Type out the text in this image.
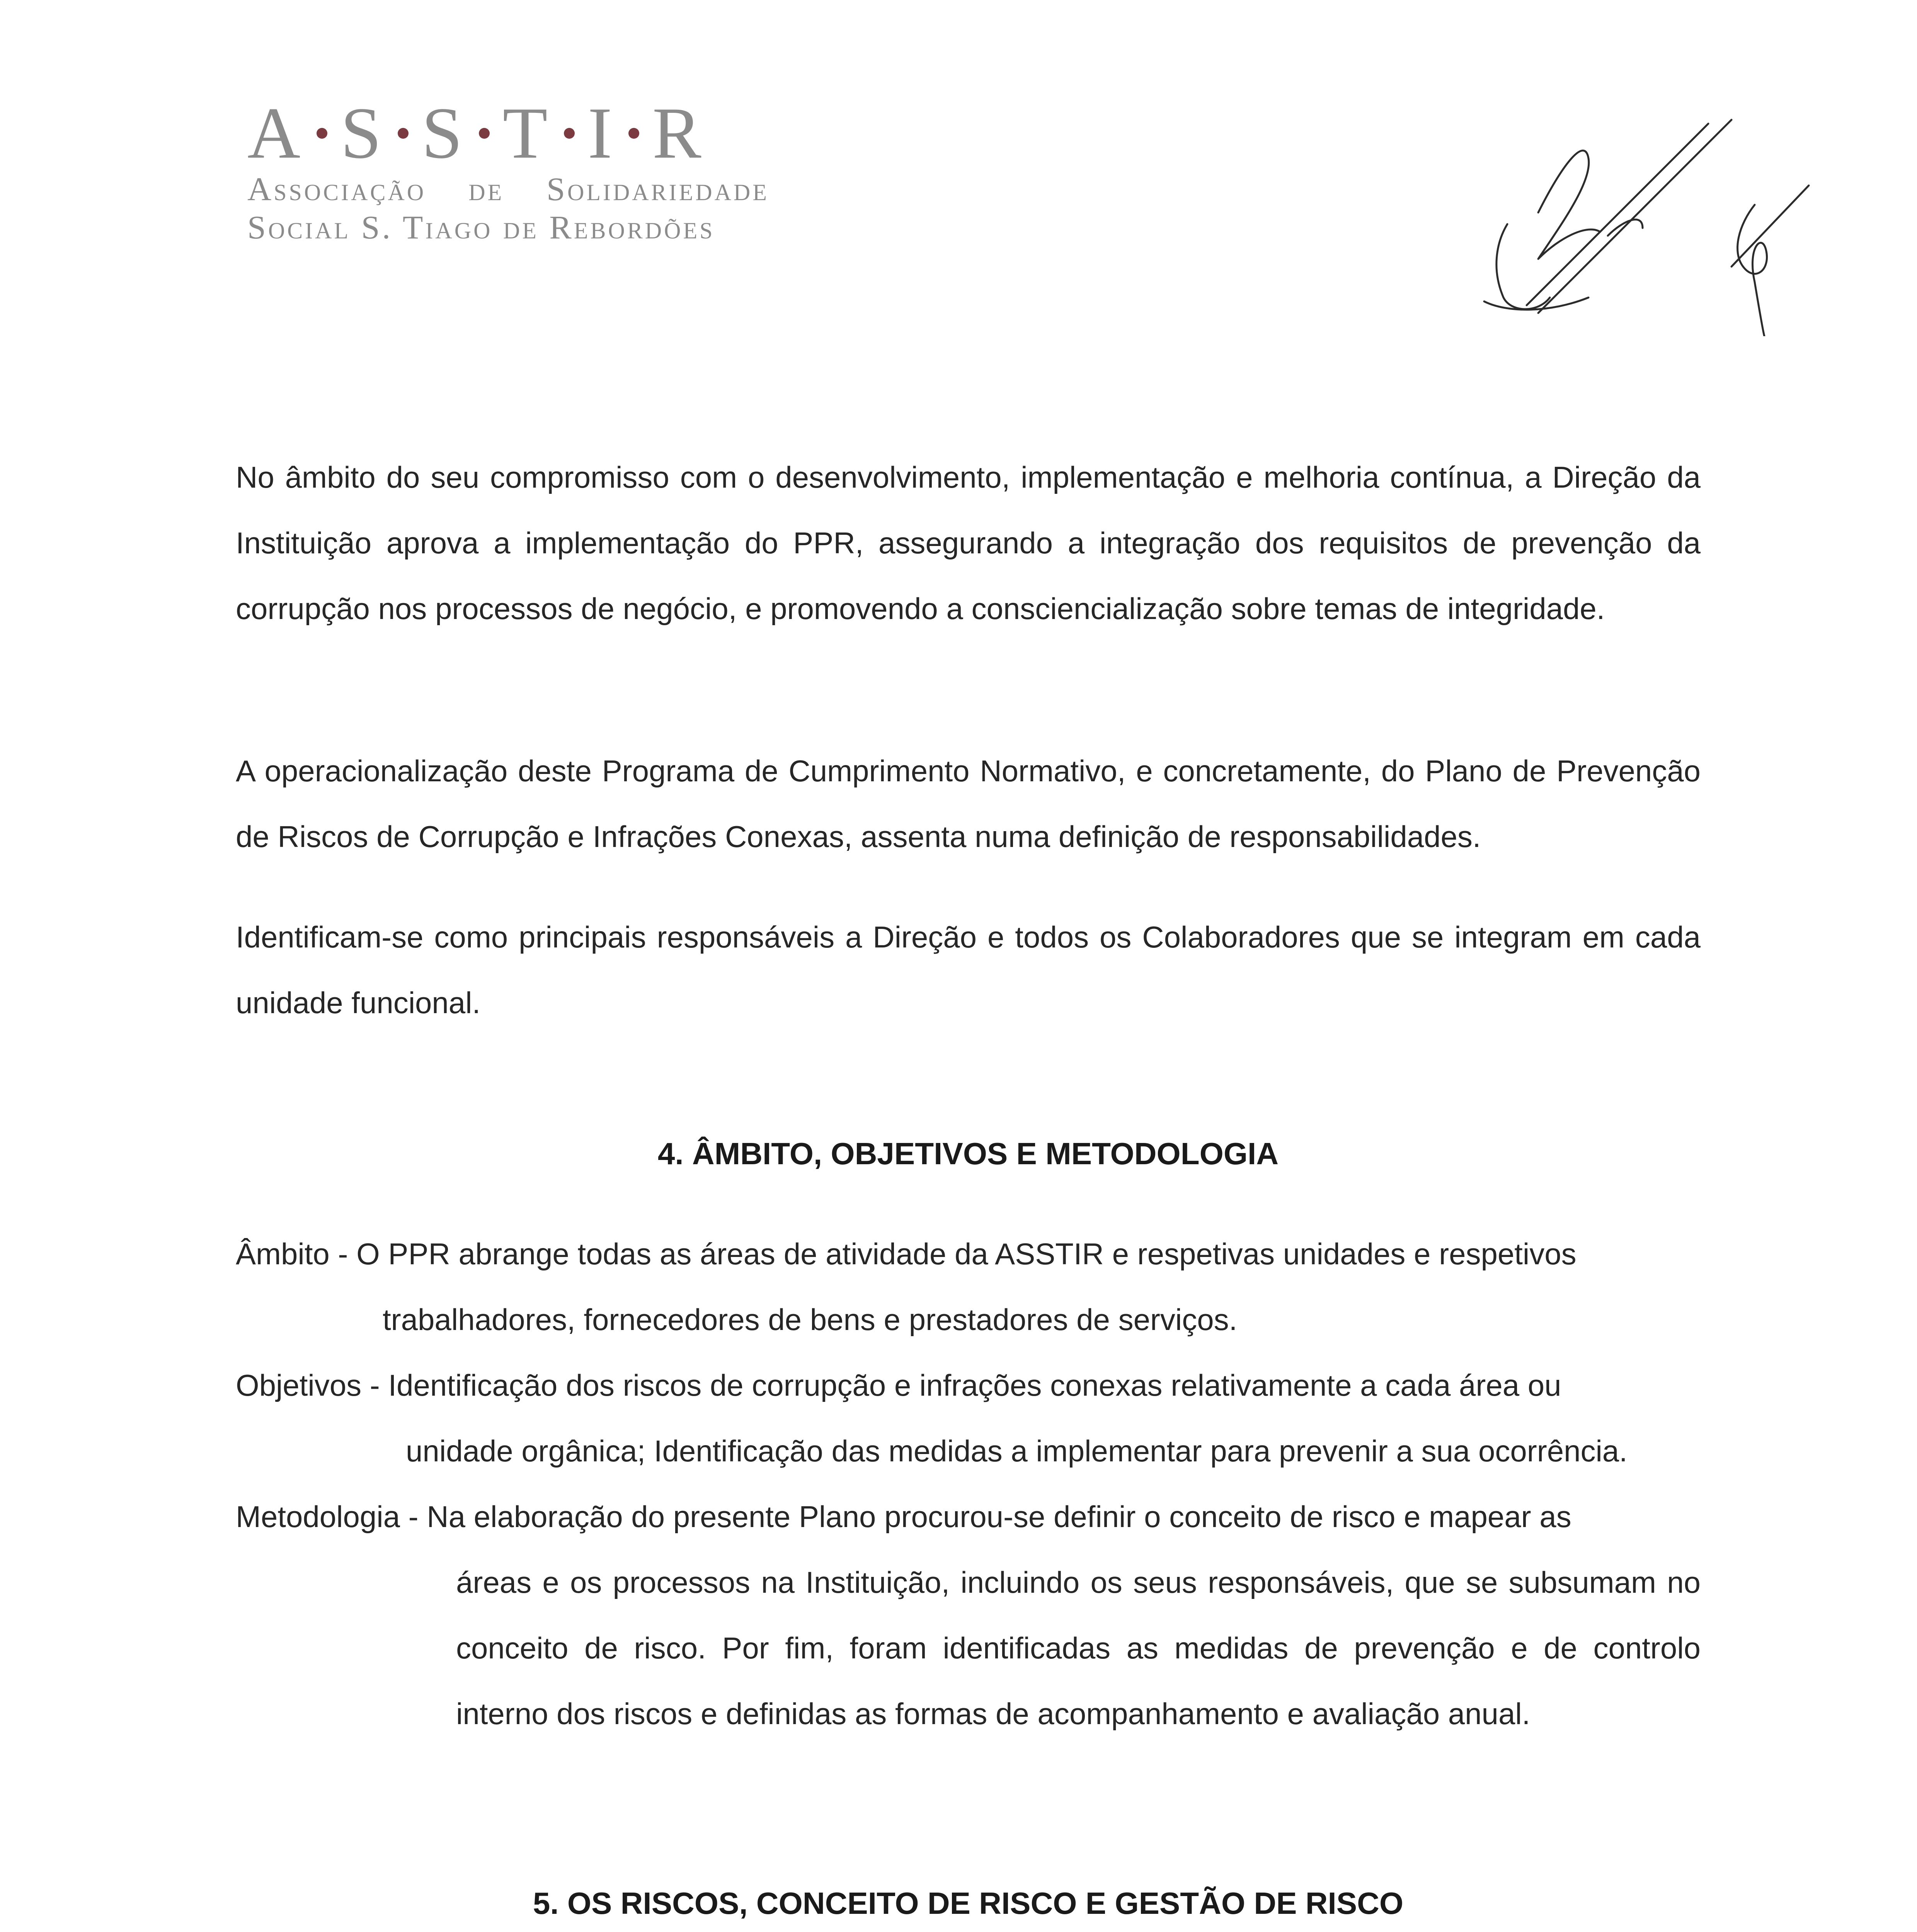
A S S T I R
Associação de Solidariedade
Social S. Tiago de Rebordões
No âmbito do seu compromisso com o desenvolvimento, implementação e melhoria contínua, a Direção da Instituição aprova a implementação do PPR, assegurando a integração dos requisitos de prevenção da corrupção nos processos de negócio, e promovendo a consciencialização sobre temas de integridade.
A operacionalização deste Programa de Cumprimento Normativo, e concretamente, do Plano de Prevenção de Riscos de Corrupção e Infrações Conexas, assenta numa definição de responsabilidades.
Identificam-se como principais responsáveis a Direção e todos os Colaboradores que se integram em cada unidade funcional.
4. ÂMBITO, OBJETIVOS E METODOLOGIA
Âmbito - O PPR abrange todas as áreas de atividade da ASSTIR e respetivas unidades e respetivos
trabalhadores, fornecedores de bens e prestadores de serviços.
Objetivos - Identificação dos riscos de corrupção e infrações conexas relativamente a cada área ou
unidade orgânica; Identificação das medidas a implementar para prevenir a sua ocorrência.
Metodologia - Na elaboração do presente Plano procurou-se definir o conceito de risco e mapear as
áreas e os processos na Instituição, incluindo os seus responsáveis, que se subsumam no conceito de risco. Por fim, foram identificadas as medidas de prevenção e de controlo interno dos riscos e definidas as formas de acompanhamento e avaliação anual.
5. OS RISCOS, CONCEITO DE RISCO E GESTÃO DE RISCO
